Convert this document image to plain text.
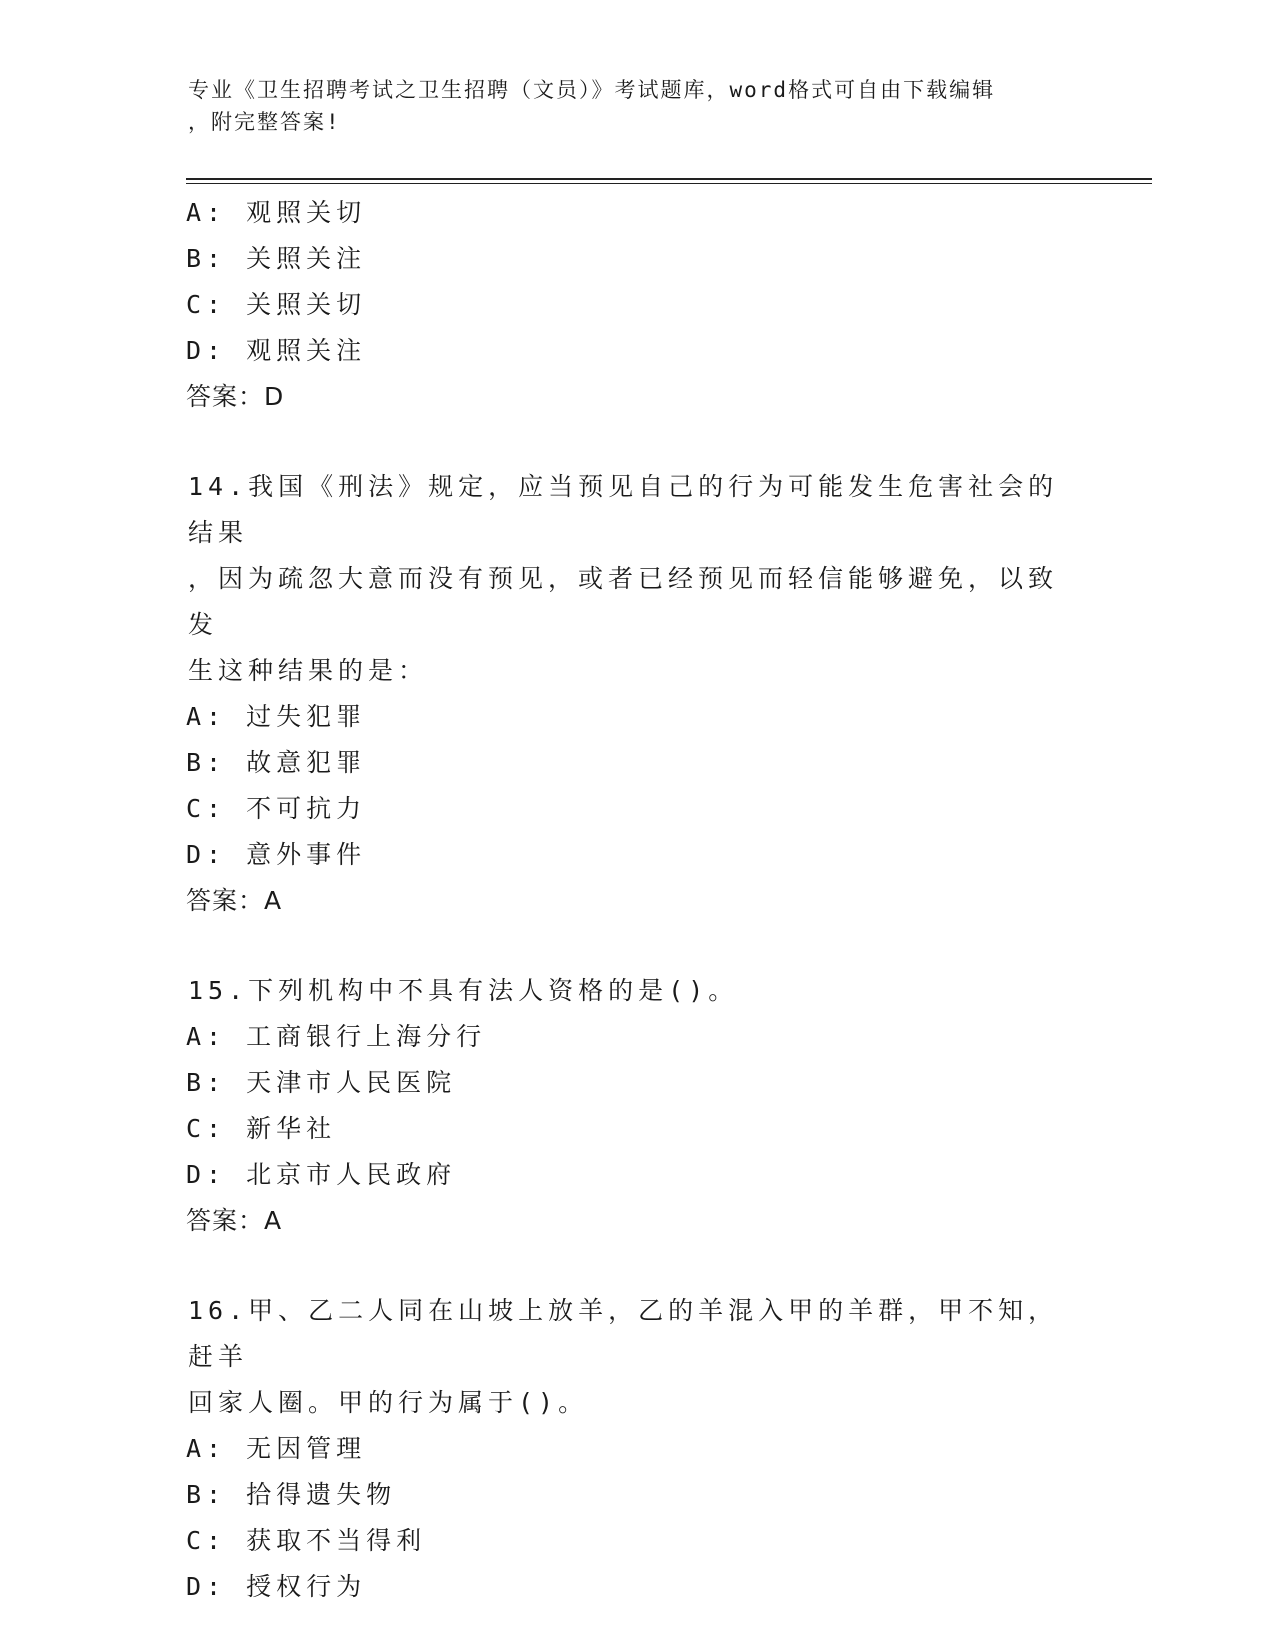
专业《卫生招聘考试之卫生招聘（文员）》考试题库，word格式可自由下载编辑
，附完整答案!
A: 观照关切
B: 关照关注
C: 关照关切
D: 观照关注
答案：D
14.我国《刑法》规定，应当预见自己的行为可能发生危害社会的结果
，因为疏忽大意而没有预见，或者已经预见而轻信能够避免，以致发
生这种结果的是：
A: 过失犯罪
B: 故意犯罪
C: 不可抗力
D: 意外事件
答案：A
15.下列机构中不具有法人资格的是()。
A: 工商银行上海分行
B: 天津市人民医院
C: 新华社
D: 北京市人民政府
答案：A
16.甲、乙二人同在山坡上放羊，乙的羊混入甲的羊群，甲不知，赶羊
回家人圈。甲的行为属于()。
A: 无因管理
B: 拾得遗失物
C: 获取不当得利
D: 授权行为
